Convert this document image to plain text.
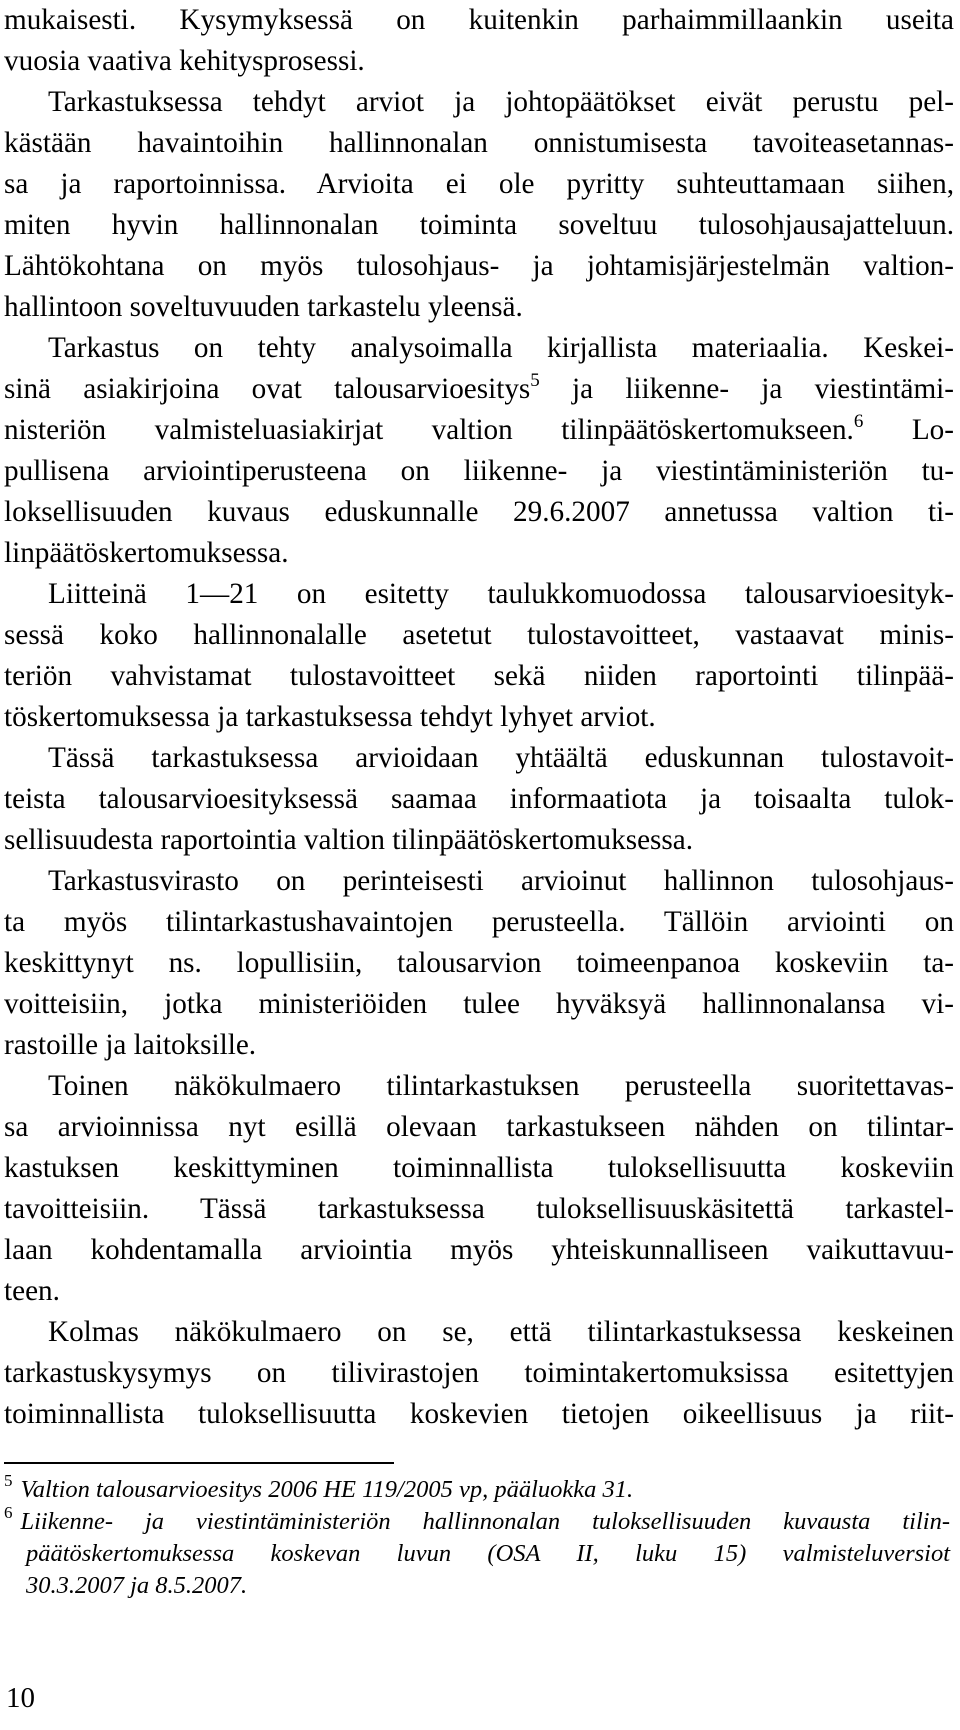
mukaisesti. Kysymyksessä on kuitenkin parhaimmillaankin useita
vuosia vaativa kehitysprosessi.
Tarkastuksessa tehdyt arviot ja johtopäätökset eivät perustu pel-
kästään havaintoihin hallinnonalan onnistumisesta tavoiteasetannas-
sa ja raportoinnissa. Arvioita ei ole pyritty suhteuttamaan siihen,
miten hyvin hallinnonalan toiminta soveltuu tulosohjausajatteluun.
Lähtökohtana on myös tulosohjaus- ja johtamisjärjestelmän valtion-
hallintoon soveltuvuuden tarkastelu yleensä.
Tarkastus on tehty analysoimalla kirjallista materiaalia. Keskei-
sinä asiakirjoina ovat talousarvioesitys$^5$ ja liikenne- ja viestintämi-
nisteriön valmisteluasiakirjat valtion tilinpäätöskertomukseen.$^6$ Lo-
pullisena arviointiperusteena on liikenne- ja viestintäministeriön tu-
loksellisuuden kuvaus eduskunnalle 29.6.2007 annetussa valtion ti-
linpäätöskertomuksessa.
Liitteinä 1—21 on esitetty taulukkomuodossa talousarvioesityk-
sessä koko hallinnonalalle asetetut tulostavoitteet, vastaavat minis-
teriön vahvistamat tulostavoitteet sekä niiden raportointi tilinpää-
töskertomuksessa ja tarkastuksessa tehdyt lyhyet arviot.
Tässä tarkastuksessa arvioidaan yhtäältä eduskunnan tulostavoit-
teista talousarvioesityksessä saamaa informaatiota ja toisaalta tulok-
sellisuudesta raportointia valtion tilinpäätöskertomuksessa.
Tarkastusvirasto on perinteisesti arvioinut hallinnon tulosohjaus-
ta myös tilintarkastushavaintojen perusteella. Tällöin arviointi on
keskittynyt ns. lopullisiin, talousarvion toimeenpanoa koskeviin ta-
voitteisiin, jotka ministeriöiden tulee hyväksyä hallinnonalansa vi-
rastoille ja laitoksille.
Toinen näkökulmaero tilintarkastuksen perusteella suoritettavas-
sa arvioinnissa nyt esillä olevaan tarkastukseen nähden on tilintar-
kastuksen keskittyminen toiminnallista tuloksellisuutta koskeviin
tavoitteisiin. Tässä tarkastuksessa tuloksellisuuskäsitettä tarkastel-
laan kohdentamalla arviointia myös yhteiskunnalliseen vaikuttavuu-
teen.
Kolmas näkökulmaero on se, että tilintarkastuksessa keskeinen
tarkastuskysymys on tilivirastojen toimintakertomuksissa esitettyjen
toiminnallista tuloksellisuutta koskevien tietojen oikeellisuus ja riit-
$^5$ Valtion talousarvioesitys 2006 HE 119/2005 vp, pääluokka 31.
$^6$ Liikenne- ja viestintäministeriön hallinnonalan tuloksellisuuden kuvausta tilin-
päätöskertomuksessa koskevan luvun (OSA II, luku 15) valmisteluversiot
30.3.2007 ja 8.5.2007.
10
